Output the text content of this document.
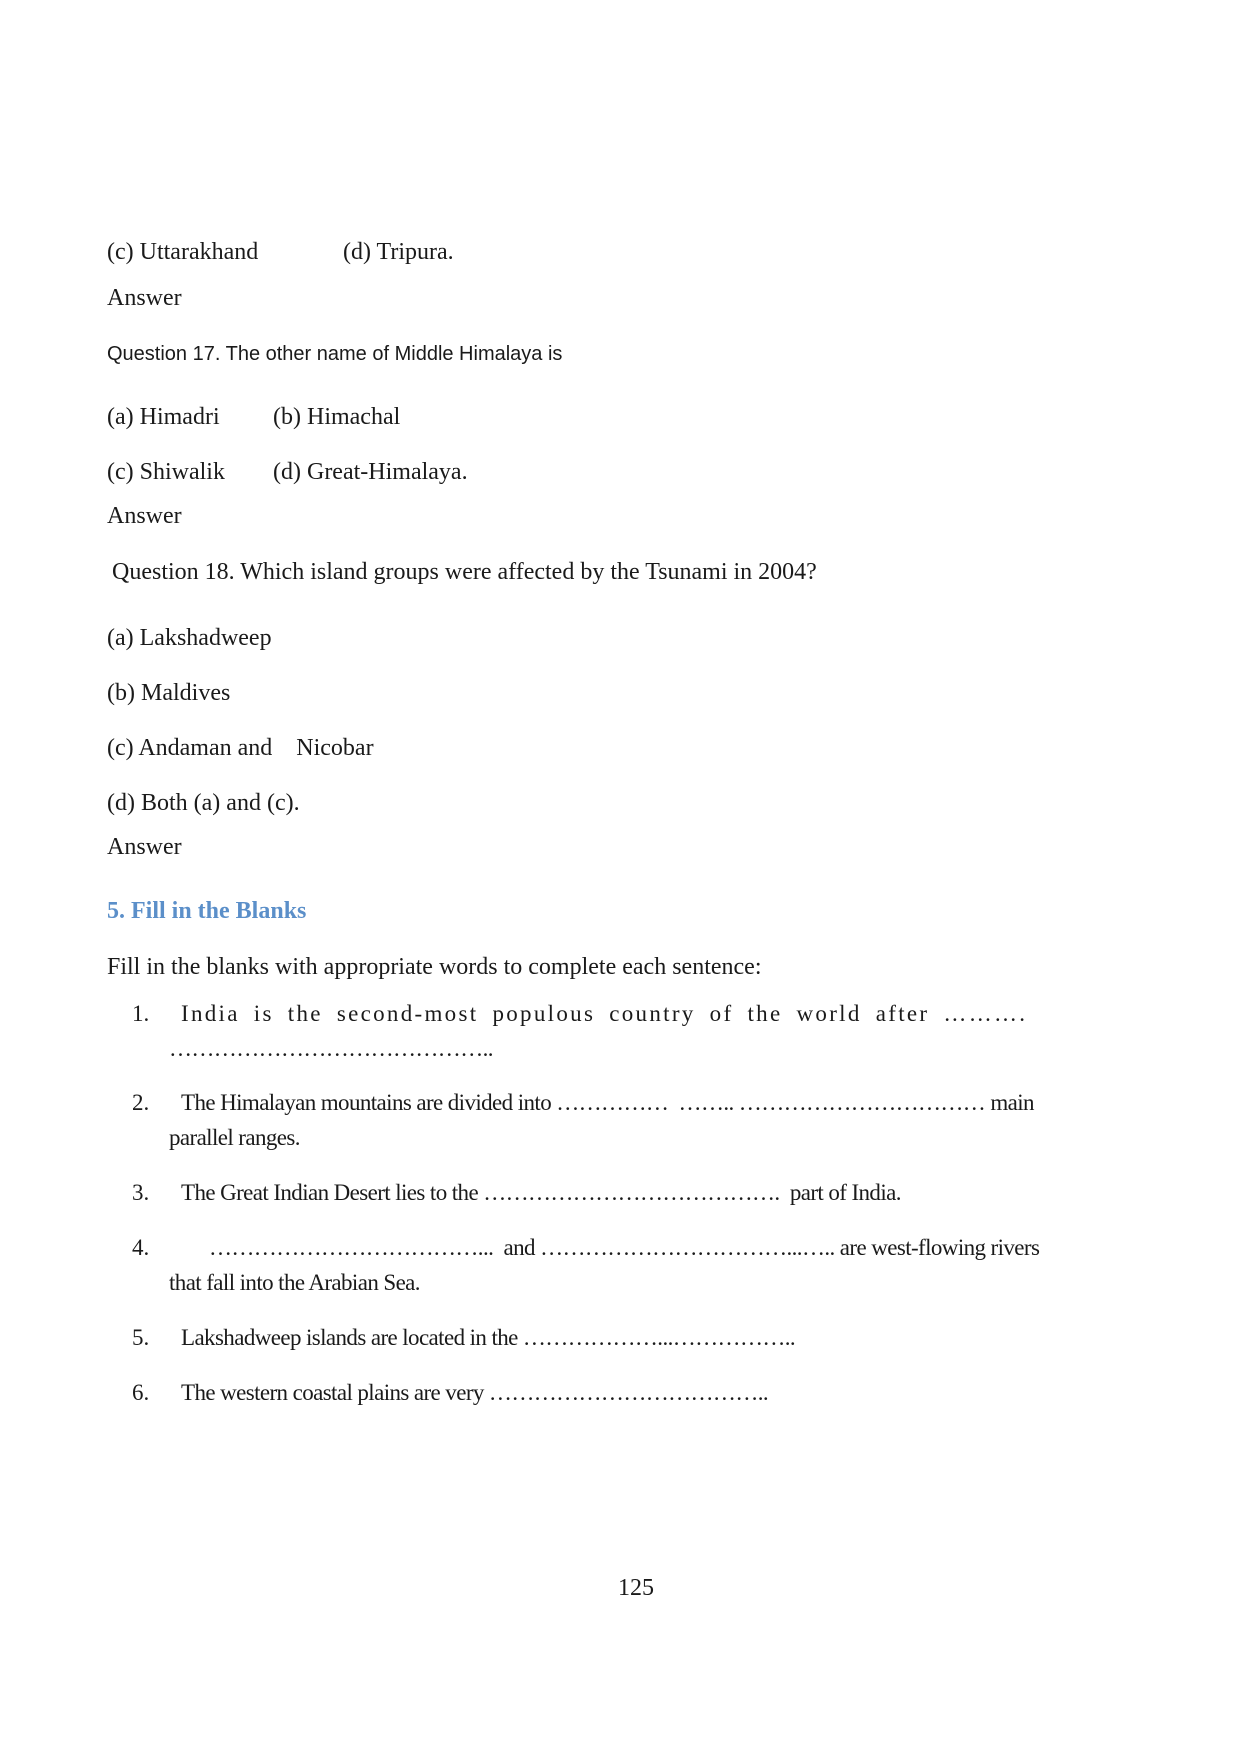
(c) Uttarakhand	(d) Tripura.
Answer
Question 17. The other name of Middle Himalaya is
(a) Himadri (b) Himachal
(c) Shiwalik (d) Great-Himalaya.
Answer
Question 18. Which island groups were affected by the Tsunami in 2004?
(a) Lakshadweep
(b) Maldives
(c) Andaman and    Nicobar
(d) Both (a) and (c).
Answer
5. Fill in the Blanks
Fill in the blanks with appropriate words to complete each sentence:
1. India is the second-most populous country of the world after ……….
……………………………………..
2. The Himalayan mountains are divided into ……………  …….. …………………………… main
parallel ranges.
3. The Great Indian Desert lies to the ………………………………….  part of India.
4.	………………………………...  and ……………………………...….. are west-flowing rivers
that fall into the Arabian Sea.
5. Lakshadweep islands are located in the ………………...……………..
6. The western coastal plains are very ………………………………..
125
